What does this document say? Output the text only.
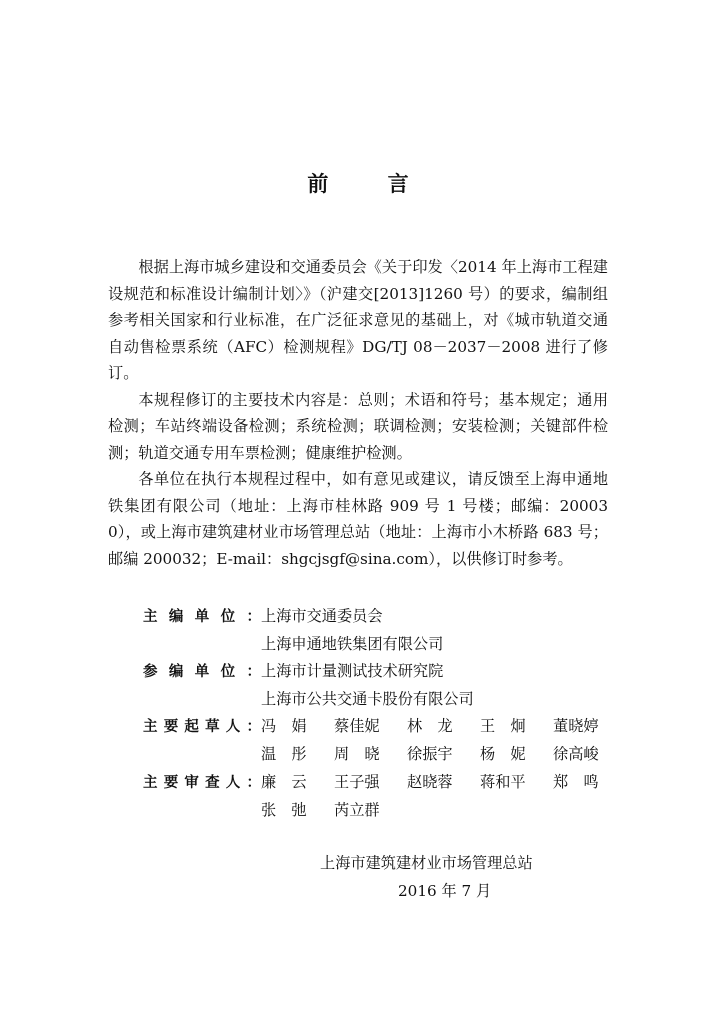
前 言

根据上海市城乡建设和交通委员会《关于印发〈2014 年上海市工程建设规范和标准设计编制计划〉》（沪建交[2013]1260 号）的要求，编制组参考相关国家和行业标准，在广泛征求意见的基础上，对《城市轨道交通自动售检票系统（AFC）检测规程》DG/TJ 08－2037－2008 进行了修订。

本规程修订的主要技术内容是：总则；术语和符号；基本规定；通用检测；车站终端设备检测；系统检测；联调检测；安装检测；关键部件检测；轨道交通专用车票检测；健康维护检测。

各单位在执行本规程过程中，如有意见或建议，请反馈至上海申通地铁集团有限公司（地址：上海市桂林路 909 号 1 号楼；邮编：200030），或上海市建筑建材业市场管理总站（地址：上海市小木桥路 683 号；邮编 200032；E-mail：shgcjsgf@sina.com），以供修订时参考。

主 编 单 位 ： 上海市交通委员会
上海申通地铁集团有限公司
参 编 单 位 ： 上海市计量测试技术研究院
上海市公共交通卡股份有限公司
主 要 起 草 人 ： 冯　娟	蔡佳妮	林　龙	王　炯	董晓婷
温　彤	周　晓	徐振宇	杨　妮	徐高峻
主 要 审 查 人 ： 廉　云	王子强	赵晓蓉	蒋和平	郑　鸣
张　弛	芮立群
上海市建筑建材业市场管理总站
2016 年 7 月
